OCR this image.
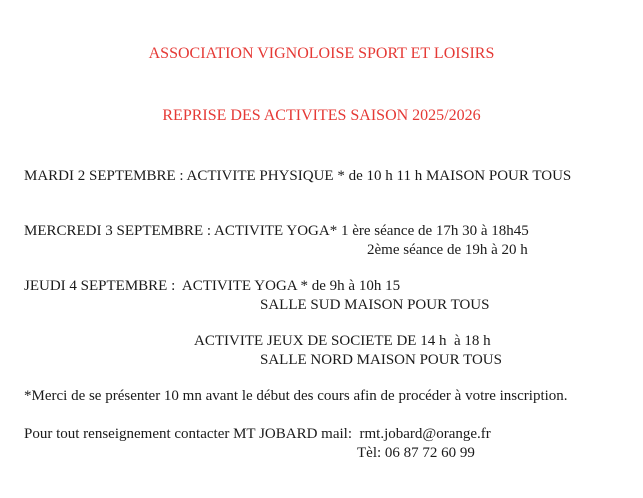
ASSOCIATION VIGNOLOISE SPORT ET LOISIRS
REPRISE DES ACTIVITES SAISON 2025/2026
MARDI 2 SEPTEMBRE : ACTIVITE PHYSIQUE * de 10 h 11 h MAISON POUR TOUS
MERCREDI 3 SEPTEMBRE : ACTIVITE YOGA* 1 ère séance de 17h 30 à 18h45
2ème séance de 19h à 20 h
JEUDI 4 SEPTEMBRE :  ACTIVITE YOGA * de 9h à 10h 15
SALLE SUD MAISON POUR TOUS
ACTIVITE JEUX DE SOCIETE DE 14 h  à 18 h
SALLE NORD MAISON POUR TOUS
*Merci de se présenter 10 mn avant le début des cours afin de procéder à votre inscription.
Pour tout renseignement contacter MT JOBARD mail:  rmt.jobard@orange.fr
Tèl: 06 87 72 60 99
